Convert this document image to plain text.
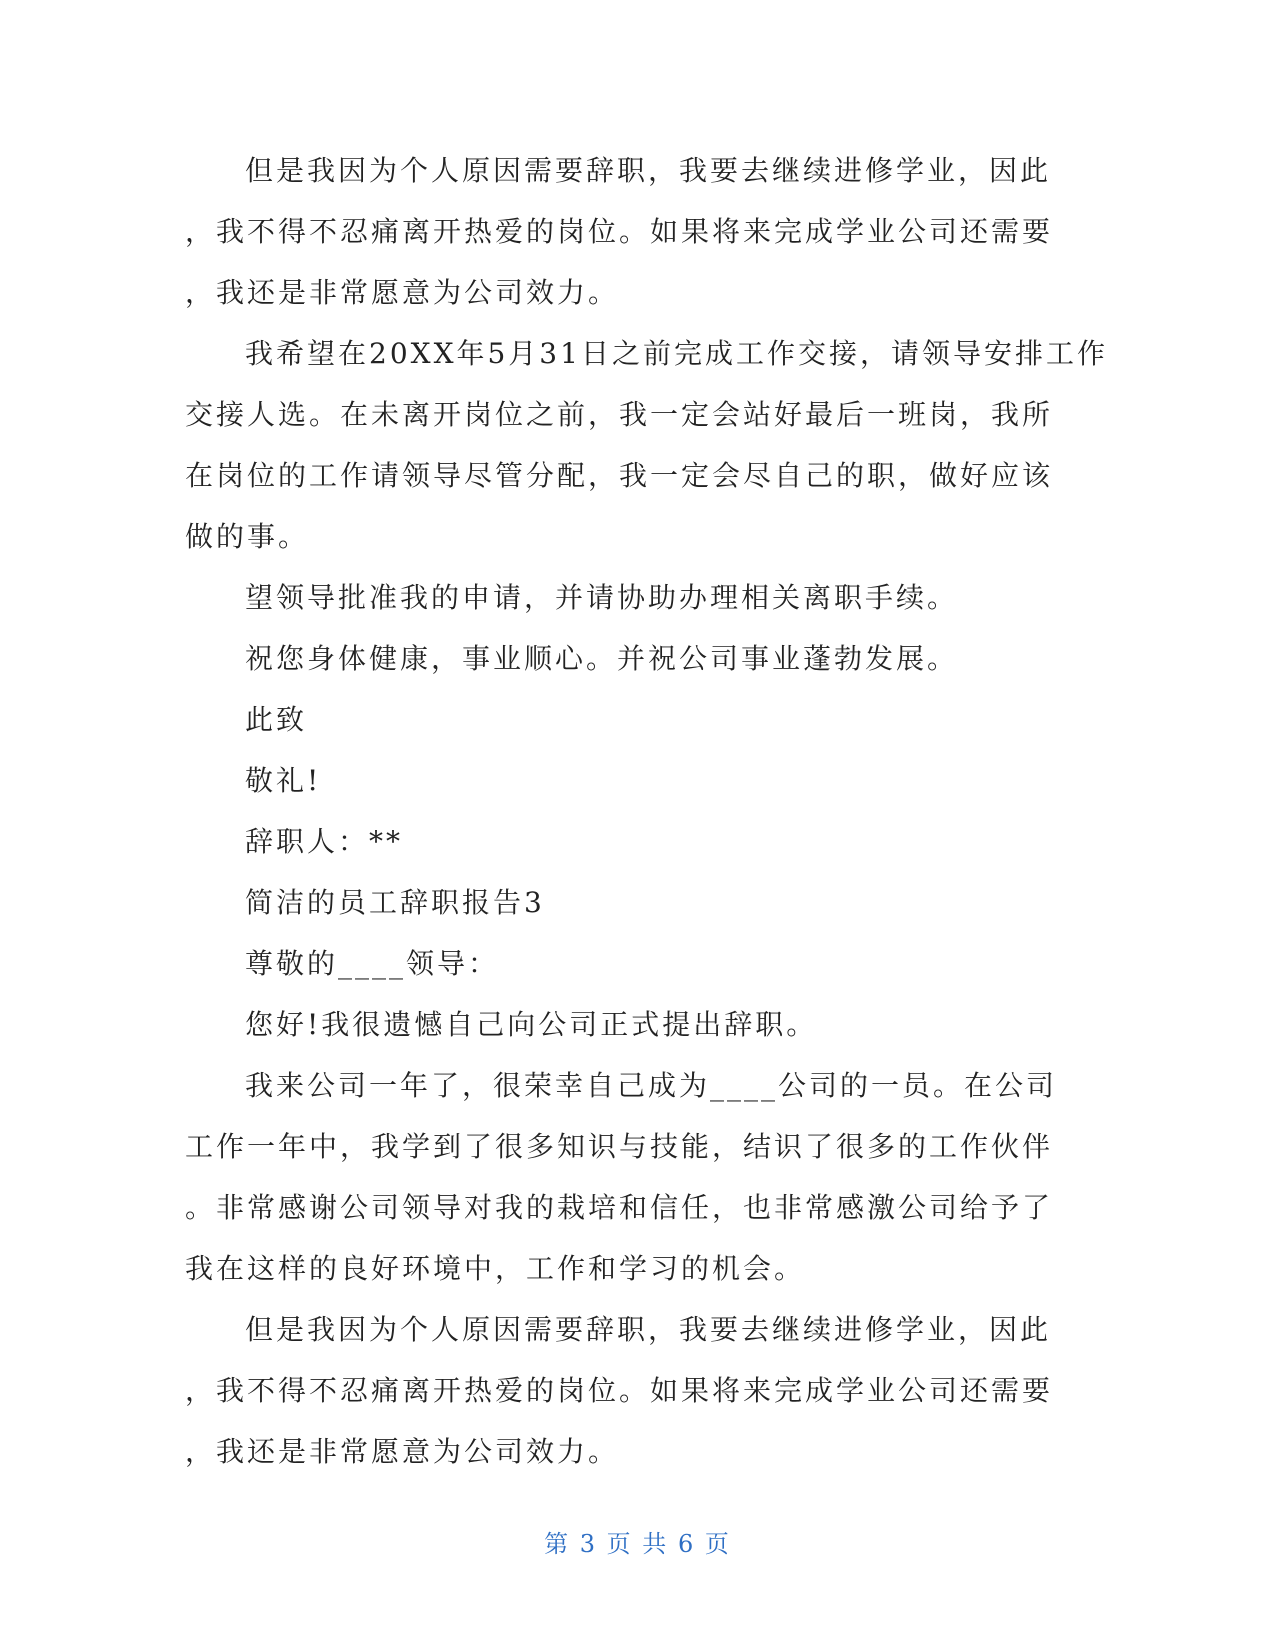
但是我因为个人原因需要辞职，我要去继续进修学业，因此
，我不得不忍痛离开热爱的岗位。如果将来完成学业公司还需要
，我还是非常愿意为公司效力。

我希望在20XX年5月31日之前完成工作交接，请领导安排工作
交接人选。在未离开岗位之前，我一定会站好最后一班岗，我所
在岗位的工作请领导尽管分配，我一定会尽自己的职，做好应该
做的事。

望领导批准我的申请，并请协助办理相关离职手续。

祝您身体健康，事业顺心。并祝公司事业蓬勃发展。

此致

敬礼!

辞职人：**

简洁的员工辞职报告3

尊敬的____领导：

您好!我很遗憾自己向公司正式提出辞职。

我来公司一年了，很荣幸自己成为____公司的一员。在公司
工作一年中，我学到了很多知识与技能，结识了很多的工作伙伴
。非常感谢公司领导对我的栽培和信任，也非常感激公司给予了
我在这样的良好环境中，工作和学习的机会。

但是我因为个人原因需要辞职，我要去继续进修学业，因此
，我不得不忍痛离开热爱的岗位。如果将来完成学业公司还需要
，我还是非常愿意为公司效力。

第 3 页 共 6 页
